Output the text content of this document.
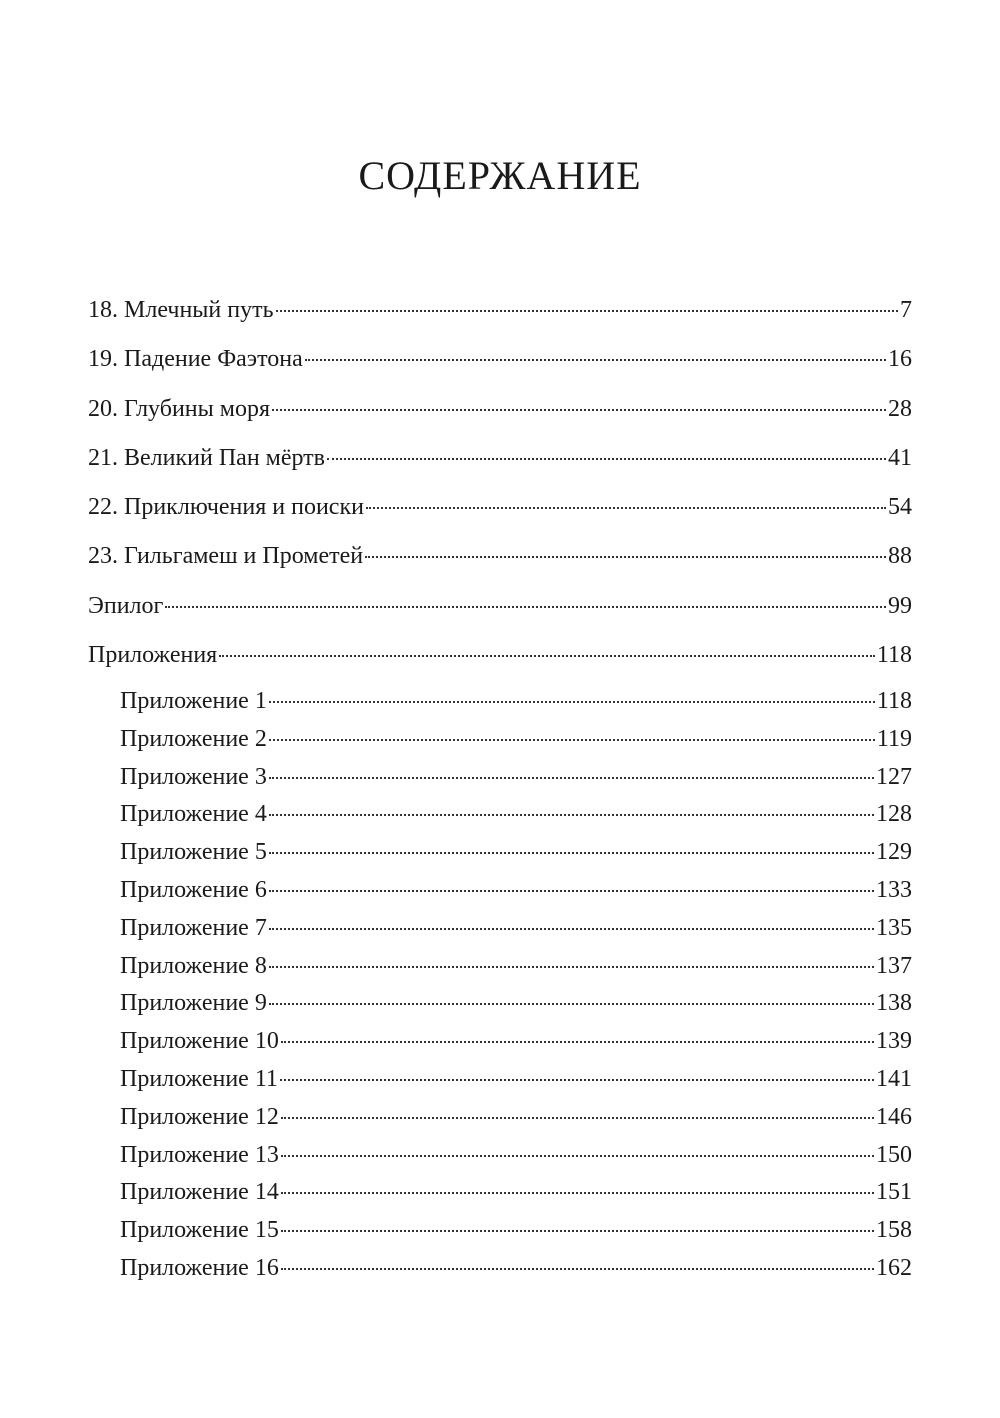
СОДЕРЖАНИЕ
18. Млечный путь	7
19. Падение Фаэтона	16
20. Глубины моря	28
21. Великий Пан мёртв	41
22. Приключения и поиски	54
23. Гильгамеш и Прометей	88
Эпилог	99
Приложения	118
Приложение 1	118
Приложение 2	119
Приложение 3	127
Приложение 4	128
Приложение 5	129
Приложение 6	133
Приложение 7	135
Приложение 8	137
Приложение 9	138
Приложение 10	139
Приложение 11	141
Приложение 12	146
Приложение 13	150
Приложение 14	151
Приложение 15	158
Приложение 16	162
